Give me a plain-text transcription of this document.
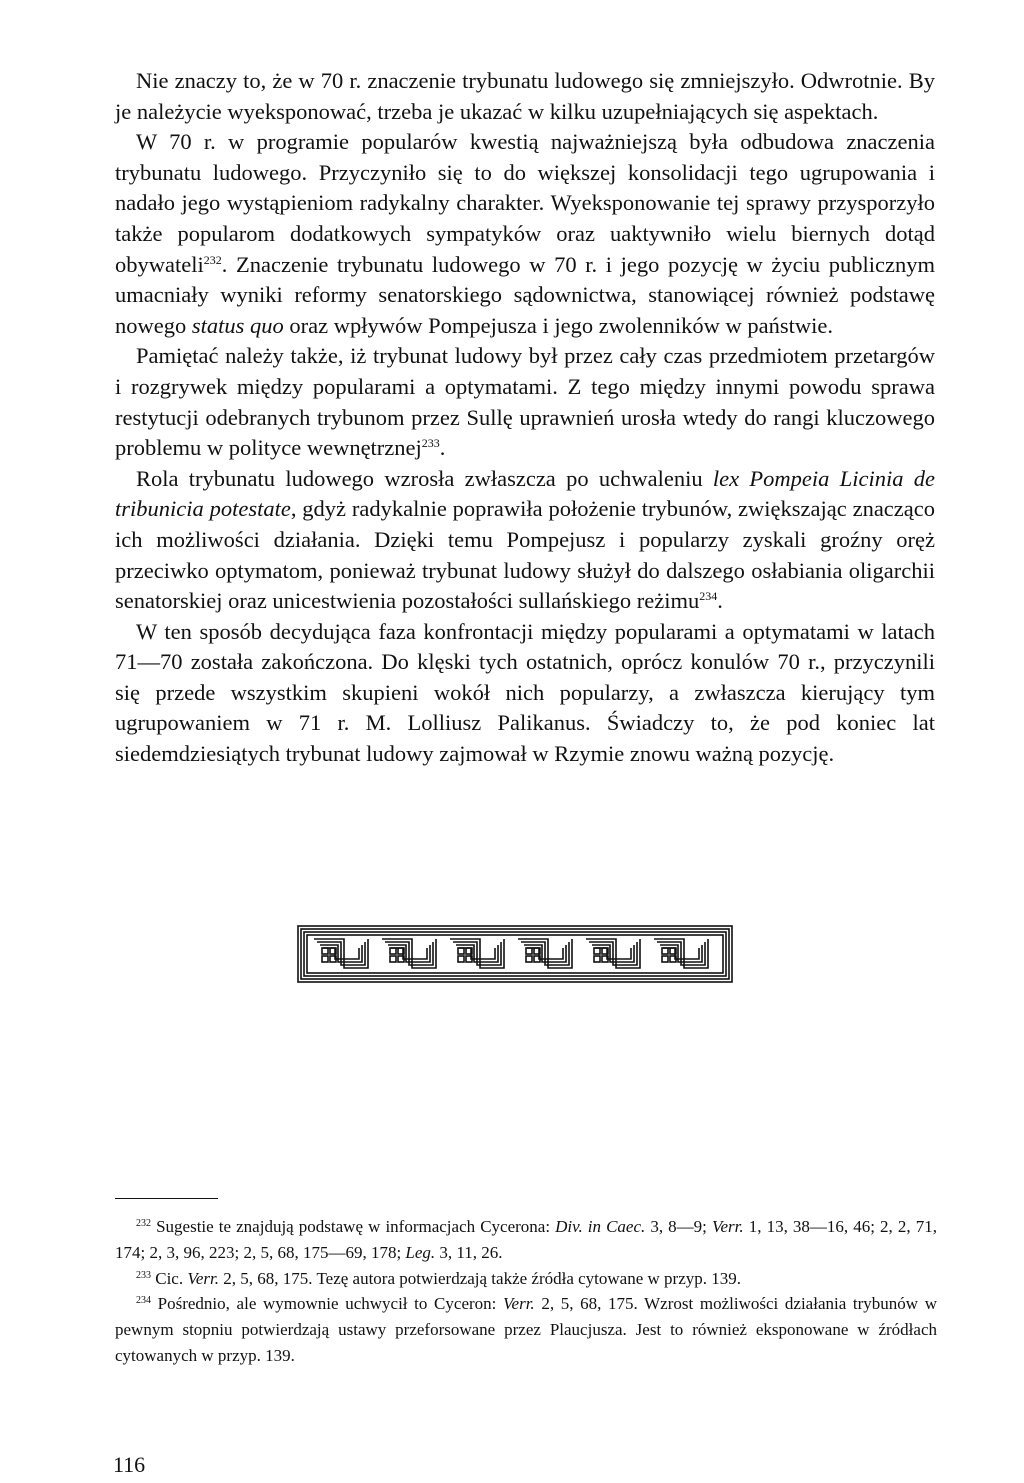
Nie znaczy to, że w 70 r. znaczenie trybunatu ludowego się zmniejszyło. Odwrotnie. By je należycie wyeksponować, trzeba je ukazać w kilku uzupełniających się aspektach.

W 70 r. w programie popularów kwestią najważniejszą była odbudowa znaczenia trybunatu ludowego. Przyczyniło się to do większej konsolidacji tego ugrupowania i nadało jego wystąpieniom radykalny charakter. Wyeksponowanie tej sprawy przysporzyło także popularom dodatkowych sympatyków oraz uaktywniło wielu biernych dotąd obywateli$^{232}$. Znaczenie trybunatu ludowego w 70 r. i jego pozycję w życiu publicznym umacniały wyniki reformy senatorskiego sądownictwa, stanowiącej również podstawę nowego status quo oraz wpływów Pompejusza i jego zwolenników w państwie.

Pamiętać należy także, iż trybunat ludowy był przez cały czas przedmiotem przetargów i rozgrywek między popularami a optymatami. Z tego między innymi powodu sprawa restytucji odebranych trybunom przez Sullę uprawnień urosła wtedy do rangi kluczowego problemu w polityce wewnętrznej$^{233}$.

Rola trybunatu ludowego wzrosła zwłaszcza po uchwaleniu lex Pompeia Licinia de tribunicia potestate, gdyż radykalnie poprawiła położenie trybunów, zwiększając znacząco ich możliwości działania. Dzięki temu Pompejusz i popularzy zyskali groźny oręż przeciwko optymatom, ponieważ trybunat ludowy służył do dalszego osłabiania oligarchii senatorskiej oraz unicestwienia pozostałości sullańskiego reżimu$^{234}$.

W ten sposób decydująca faza konfrontacji między popularami a optymatami w latach 71—70 została zakończona. Do klęski tych ostatnich, oprócz konulów 70 r., przyczynili się przede wszystkim skupieni wokół nich popularzy, a zwłaszcza kierujący tym ugrupowaniem w 71 r. M. Lolliusz Palikanus. Świadczy to, że pod koniec lat siedemdziesiątych trybunat ludowy zajmował w Rzymie znowu ważną pozycję.

$^{232}$ Sugestie te znajdują podstawę w informacjach Cycerona: Div. in Caec. 3, 8—9; Verr. 1, 13, 38—16, 46; 2, 2, 71, 174; 2, 3, 96, 223; 2, 5, 68, 175—69, 178; Leg. 3, 11, 26.

$^{233}$ Cic. Verr. 2, 5, 68, 175. Tezę autora potwierdzają także źródła cytowane w przyp. 139.

$^{234}$ Pośrednio, ale wymownie uchwycił to Cyceron: Verr. 2, 5, 68, 175. Wzrost możliwości działania trybunów w pewnym stopniu potwierdzają ustawy przeforsowane przez Plaucjusza. Jest to również eksponowane w źródłach cytowanych w przyp. 139.

116
